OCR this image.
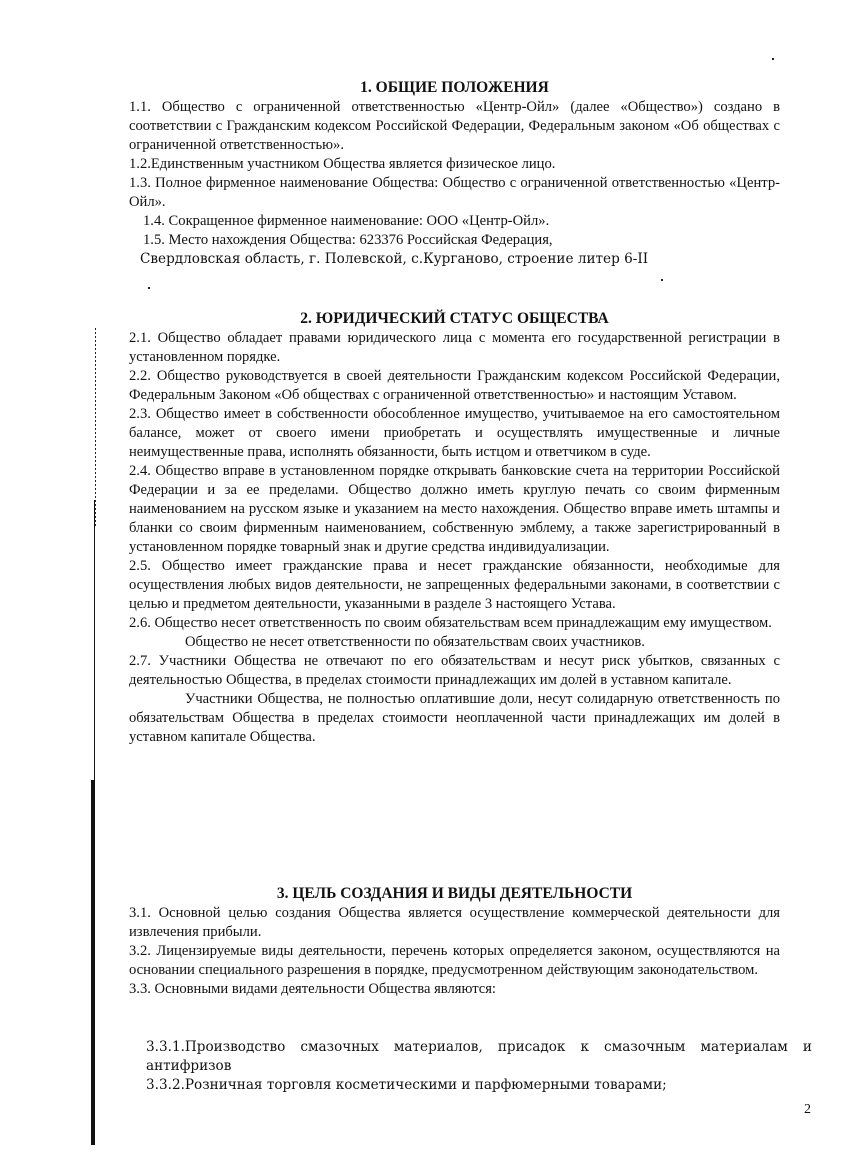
1. ОБЩИЕ ПОЛОЖЕНИЯ

1.1. Общество с ограниченной ответственностью «Центр-Ойл» (далее «Общество») создано в соответствии с Гражданским кодексом Российской Федерации, Федеральным законом «Об обществах с ограниченной ответственностью».

1.2.Единственным участником Общества является физическое лицо.

1.3. Полное фирменное наименование Общества: Общество с ограниченной ответственностью «Центр-Ойл».

1.4. Сокращенное фирменное наименование: ООО «Центр-Ойл».

1.5. Место нахождения Общества: 623376 Российская Федерация,

Свердловская область, г. Полевской, с.Курганово, строение литер 6-II

2. ЮРИДИЧЕСКИЙ СТАТУС ОБЩЕСТВА

2.1. Общество обладает правами юридического лица с момента его государственной регистрации в установленном порядке.

2.2. Общество руководствуется в своей деятельности Гражданским кодексом Российской Федерации, Федеральным Законом «Об обществах с ограниченной ответственностью» и настоящим Уставом.

2.3. Общество имеет в собственности обособленное имущество, учитываемое на его самостоятельном балансе, может от своего имени приобретать и осуществлять имущественные и личные неимущественные права, исполнять обязанности, быть истцом и ответчиком в суде.

2.4. Общество вправе в установленном порядке открывать банковские счета на территории Российской Федерации и за ее пределами. Общество должно иметь круглую печать со своим фирменным наименованием на русском языке и указанием на место нахождения. Общество вправе иметь штампы и бланки со своим фирменным наименованием, собственную эмблему, а также зарегистрированный в установленном порядке товарный знак и другие средства индивидуализации.

2.5. Общество имеет гражданские права и несет гражданские обязанности, необходимые для осуществления любых видов деятельности, не запрещенных федеральными законами, в соответствии с целью и предметом деятельности, указанными в разделе 3 настоящего Устава.

2.6. Общество несет ответственность по своим обязательствам всем принадлежащим ему имуществом.

Общество не несет ответственности по обязательствам своих участников.

2.7. Участники Общества не отвечают по его обязательствам и несут риск убытков, связанных с деятельностью Общества, в пределах стоимости принадлежащих им долей в уставном капитале.

Участники Общества, не полностью оплатившие доли, несут солидарную ответственность по обязательствам Общества в пределах стоимости неоплаченной части принадлежащих им долей в уставном капитале Общества.

3. ЦЕЛЬ СОЗДАНИЯ И ВИДЫ ДЕЯТЕЛЬНОСТИ

3.1. Основной целью создания Общества является осуществление коммерческой деятельности для извлечения прибыли.

3.2. Лицензируемые виды деятельности, перечень которых определяется законом, осуществляются на основании специального разрешения в порядке, предусмотренном действующим законодательством.

3.3. Основными видами деятельности Общества являются:

3.3.1.Производство смазочных материалов, присадок к смазочным материалам и антифризов

3.3.2.Розничная торговля косметическими и парфюмерными товарами;

2
